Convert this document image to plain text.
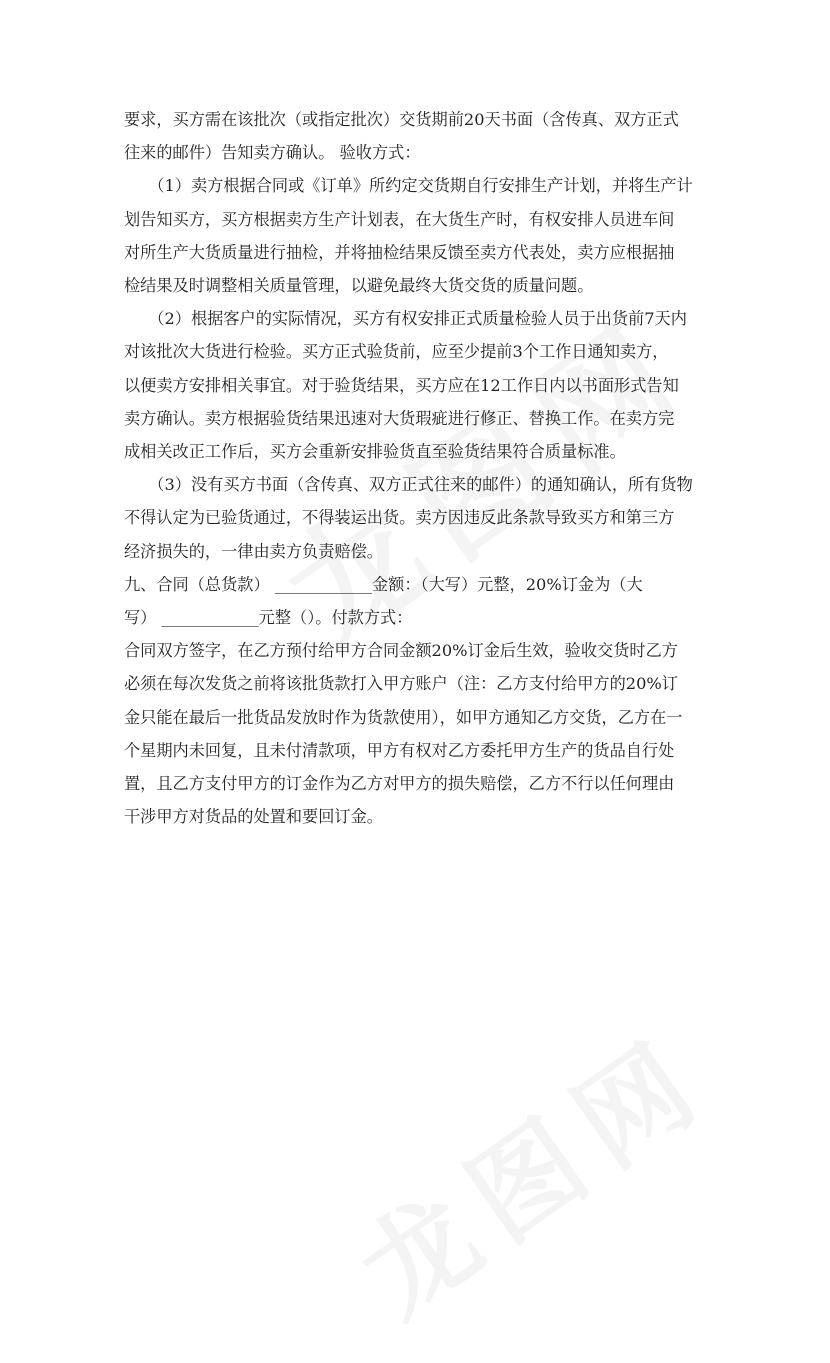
要求，买方需在该批次（或指定批次）交货期前20天书面（含传真、双方正式
往来的邮件）告知卖方确认。 验收方式：

（1）卖方根据合同或《订单》所约定交货期自行安排生产计划，并将生产计
划告知买方，买方根据卖方生产计划表，在大货生产时，有权安排人员进车间
对所生产大货质量进行抽检，并将抽检结果反馈至卖方代表处，卖方应根据抽
检结果及时调整相关质量管理，以避免最终大货交货的质量问题。

（2）根据客户的实际情况，买方有权安排正式质量检验人员于出货前7天内
对该批次大货进行检验。买方正式验货前，应至少提前3个工作日通知卖方，
以便卖方安排相关事宜。对于验货结果，买方应在12工作日内以书面形式告知
卖方确认。卖方根据验货结果迅速对大货瑕疵进行修正、替换工作。在卖方完
成相关改正工作后，买方会重新安排验货直至验货结果符合质量标准。

（3）没有买方书面（含传真、双方正式往来的邮件）的通知确认，所有货物
不得认定为已验货通过，不得装运出货。卖方因违反此条款导致买方和第三方
经济损失的，一律由卖方负责赔偿。

九、合同（总货款） ____________金额：（大写）元整，20%订金为（大
写） ____________元整（）。付款方式：

合同双方签字，在乙方预付给甲方合同金额20%订金后生效，验收交货时乙方
必须在每次发货之前将该批货款打入甲方账户（注：乙方支付给甲方的20%订
金只能在最后一批货品发放时作为货款使用），如甲方通知乙方交货，乙方在一
个星期内未回复，且未付清款项，甲方有权对乙方委托甲方生产的货品自行处
置，且乙方支付甲方的订金作为乙方对甲方的损失赔偿，乙方不行以任何理由
干涉甲方对货品的处置和要回订金。
